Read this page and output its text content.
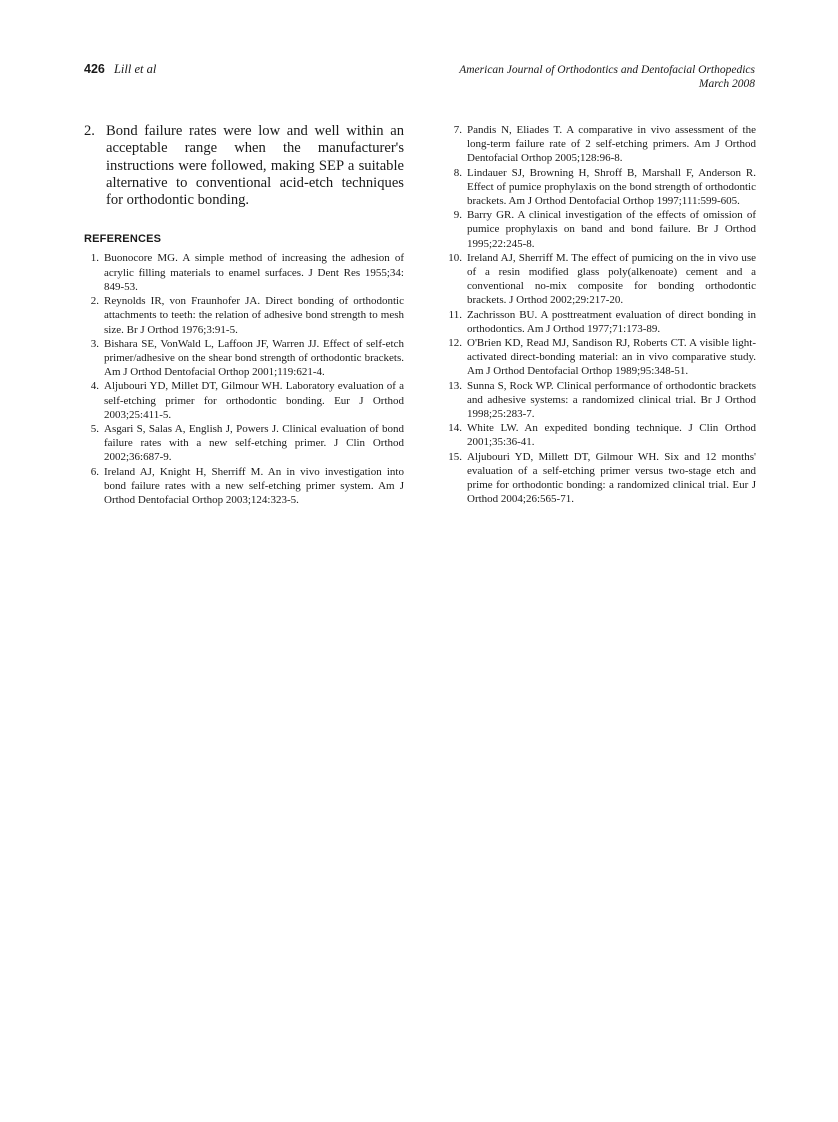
426 Lill et al	American Journal of Orthodontics and Dentofacial Orthopedics
March 2008
2. Bond failure rates were low and well within an acceptable range when the manufacturer's instructions were followed, making SEP a suitable alternative to conventional acid-etch techniques for orthodontic bonding.
REFERENCES
1. Buonocore MG. A simple method of increasing the adhesion of acrylic filling materials to enamel surfaces. J Dent Res 1955;34: 849-53.
2. Reynolds IR, von Fraunhofer JA. Direct bonding of orthodontic attachments to teeth: the relation of adhesive bond strength to mesh size. Br J Orthod 1976;3:91-5.
3. Bishara SE, VonWald L, Laffoon JF, Warren JJ. Effect of self-etch primer/adhesive on the shear bond strength of orthodontic brackets. Am J Orthod Dentofacial Orthop 2001;119:621-4.
4. Aljubouri YD, Millet DT, Gilmour WH. Laboratory evaluation of a self-etching primer for orthodontic bonding. Eur J Orthod 2003;25:411-5.
5. Asgari S, Salas A, English J, Powers J. Clinical evaluation of bond failure rates with a new self-etching primer. J Clin Orthod 2002;36:687-9.
6. Ireland AJ, Knight H, Sherriff M. An in vivo investigation into bond failure rates with a new self-etching primer system. Am J Orthod Dentofacial Orthop 2003;124:323-5.
7. Pandis N, Eliades T. A comparative in vivo assessment of the long-term failure rate of 2 self-etching primers. Am J Orthod Dentofacial Orthop 2005;128:96-8.
8. Lindauer SJ, Browning H, Shroff B, Marshall F, Anderson R. Effect of pumice prophylaxis on the bond strength of orthodontic brackets. Am J Orthod Dentofacial Orthop 1997;111:599-605.
9. Barry GR. A clinical investigation of the effects of omission of pumice prophylaxis on band and bond failure. Br J Orthod 1995;22:245-8.
10. Ireland AJ, Sherriff M. The effect of pumicing on the in vivo use of a resin modified glass poly(alkenoate) cement and a conventional no-mix composite for bonding orthodontic brackets. J Orthod 2002;29:217-20.
11. Zachrisson BU. A posttreatment evaluation of direct bonding in orthodontics. Am J Orthod 1977;71:173-89.
12. O'Brien KD, Read MJ, Sandison RJ, Roberts CT. A visible light-activated direct-bonding material: an in vivo comparative study. Am J Orthod Dentofacial Orthop 1989;95:348-51.
13. Sunna S, Rock WP. Clinical performance of orthodontic brackets and adhesive systems: a randomized clinical trial. Br J Orthod 1998;25:283-7.
14. White LW. An expedited bonding technique. J Clin Orthod 2001;35:36-41.
15. Aljubouri YD, Millett DT, Gilmour WH. Six and 12 months' evaluation of a self-etching primer versus two-stage etch and prime for orthodontic bonding: a randomized clinical trial. Eur J Orthod 2004;26:565-71.
